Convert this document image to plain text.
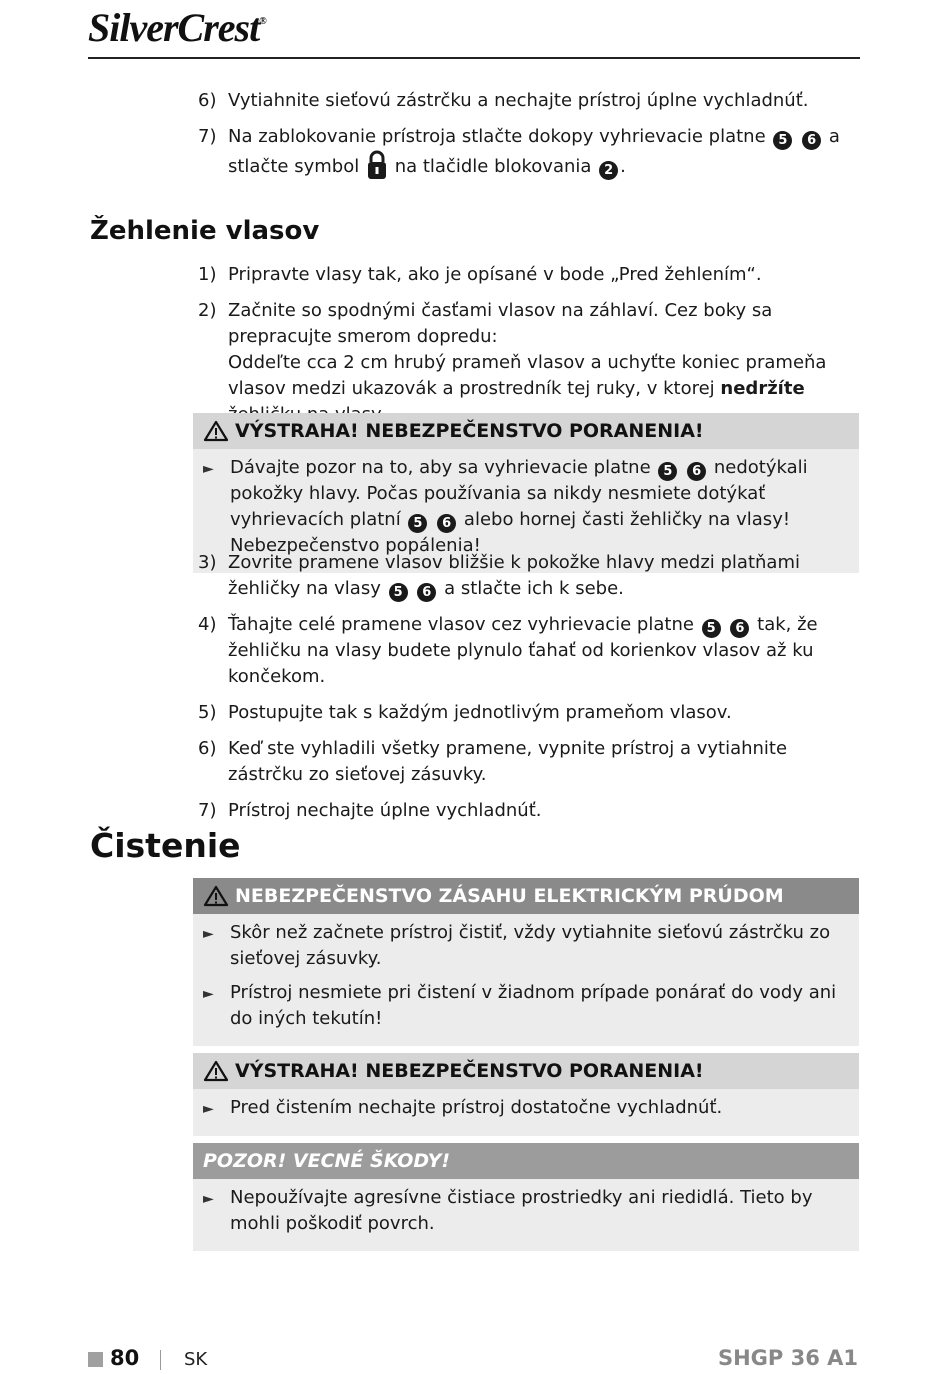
SilverCrest®
6) Vytiahnite sieťovú zástrčku a nechajte prístroj úplne vychladnúť.
7) Na zablokovanie prístroja stlačte dokopy vyhrievacie platne 5 6 a stlačte symbol na tlačidle blokovania 2 .
Žehlenie vlasov
1) Pripravte vlasy tak, ako je opísané v bode „Pred žehlením“.
2) Začnite so spodnými časťami vlasov na záhlaví. Cez boky sa prepracujte smerom dopredu:
Oddeľte cca 2 cm hrubý prameň vlasov a uchyťte koniec prameňa vlasov medzi ukazovák a prostredník tej ruky, v ktorej nedržíte
VÝSTRAHA! NEBEZPEČENSTVO PORANENIA!
► Dávajte pozor na to, aby sa vyhrievacie platne 5 6 nedotýkali pokožky hlavy. Počas používania sa nikdy nesmiete dotýkať vyhrievacích platní 5 6 alebo hornej časti žehličky na vlasy! Nebezpečenstvo popálenia!
3) Zovrite pramene vlasov bližšie k pokožke hlavy medzi platňami žehličky na vlasy 5 6 a stlačte ich k sebe.
4) Ťahajte celé pramene vlasov cez vyhrievacie platne 5 6 tak, že žehličku na vlasy budete plynulo ťahať od korienkov vlasov až ku končekom.
5) Postupujte tak s každým jednotlivým prameňom vlasov.
6) Keď ste vyhladili všetky pramene, vypnite prístroj a vytiahnite zástrčku zo sieťovej zásuvky.
7) Prístroj nechajte úplne vychladnúť.
Čistenie
NEBEZPEČENSTVO ZÁSAHU ELEKTRICKÝM PRÚDOM
► Skôr než začnete prístroj čistiť, vždy vytiahnite sieťovú zástrčku zo sieťovej zásuvky.
► Prístroj nesmiete pri čistení v žiadnom prípade ponárať do vody ani do iných tekutín!
VÝSTRAHA! NEBEZPEČENSTVO PORANENIA!
► Pred čistením nechajte prístroj dostatočne vychladnúť.
POZOR! VECNÉ ŠKODY!
► Nepoužívajte agresívne čistiace prostriedky ani riedidlá. Tieto by mohli poškodiť povrch.
80 SK	SHGP 36 A1
